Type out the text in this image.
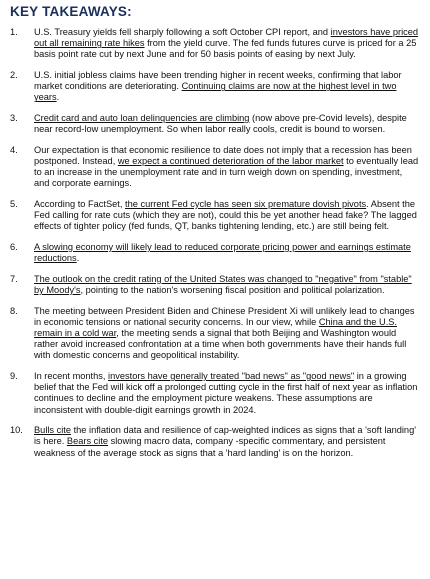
KEY TAKEAWAYS:
1.	U.S. Treasury yields fell sharply following a soft October CPI report, and investors have priced out all remaining rate hikes from the yield curve. The fed funds futures curve is priced for a 25 basis point rate cut by next June and for 50 basis points of easing by next July.
2.	U.S. initial jobless claims have been trending higher in recent weeks, confirming that labor market conditions are deteriorating. Continuing claims are now at the highest level in two years.
3.	Credit card and auto loan delinquencies are climbing (now above pre-Covid levels), despite near record-low unemployment. So when labor really cools, credit is bound to worsen.
4.	Our expectation is that economic resilience to date does not imply that a recession has been postponed. Instead, we expect a continued deterioration of the labor market to eventually lead to an increase in the unemployment rate and in turn weigh down on spending, investment, and corporate earnings.
5.	According to FactSet, the current Fed cycle has seen six premature dovish pivots. Absent the Fed calling for rate cuts (which they are not), could this be yet another head fake? The lagged effects of tighter policy (fed funds, QT, banks tightening lending, etc.) are still being felt.
6.	A slowing economy will likely lead to reduced corporate pricing power and earnings estimate reductions.
7.	The outlook on the credit rating of the United States was changed to "negative" from "stable" by Moody's, pointing to the nation's worsening fiscal position and political polarization.
8.	The meeting between President Biden and Chinese President Xi will unlikely lead to changes in economic tensions or national security concerns. In our view, while China and the U.S. remain in a cold war, the meeting sends a signal that both Beijing and Washington would rather avoid increased confrontation at a time when both governments have their hands full with domestic concerns and geopolitical instability.
9.	In recent months, investors have generally treated "bad news" as "good news" in a growing belief that the Fed will kick off a prolonged cutting cycle in the first half of next year as inflation continues to decline and the employment picture weakens. These assumptions are inconsistent with double-digit earnings growth in 2024.
10.	Bulls cite the inflation data and resilience of cap-weighted indices as signs that a 'soft landing' is here. Bears cite slowing macro data, company -specific commentary, and persistent weakness of the average stock as signs that a 'hard landing' is on the horizon.
